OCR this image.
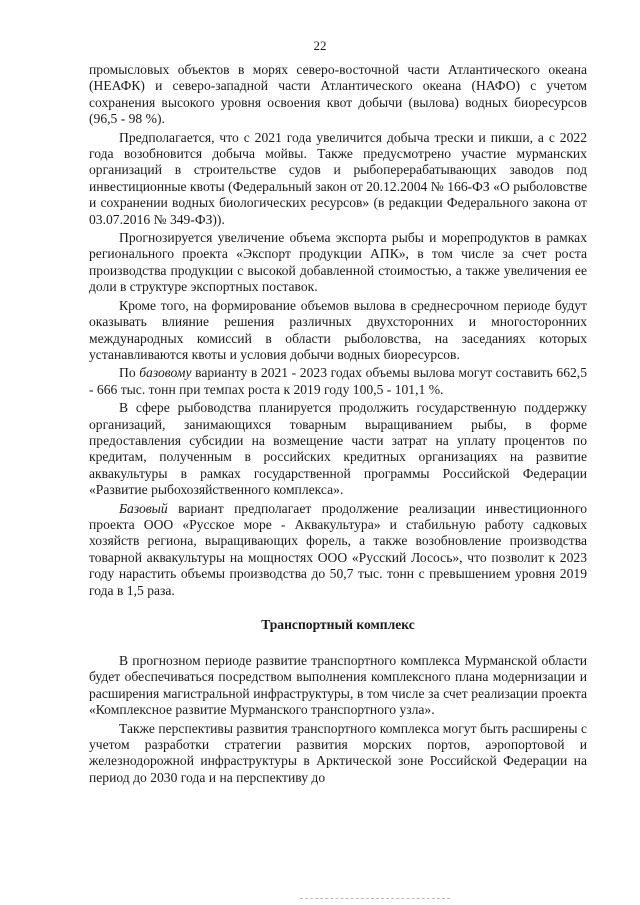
22

промысловых объектов в морях северо-восточной части Атлантического океана (НЕАФК) и северо-западной части Атлантического океана (НАФО) с учетом сохранения высокого уровня освоения квот добычи (вылова) водных биоресурсов (96,5 - 98 %).

Предполагается, что с 2021 года увеличится добыча трески и пикши, а с 2022 года возобновится добыча мойвы. Также предусмотрено участие мурманских организаций в строительстве судов и рыбоперерабатывающих заводов под инвестиционные квоты (Федеральный закон от 20.12.2004 № 166-ФЗ «О рыболовстве и сохранении водных биологических ресурсов» (в редакции Федерального закона от 03.07.2016 № 349-ФЗ)).

Прогнозируется увеличение объема экспорта рыбы и морепродуктов в рамках регионального проекта «Экспорт продукции АПК», в том числе за счет роста производства продукции с высокой добавленной стоимостью, а также увеличения ее доли в структуре экспортных поставок.

Кроме того, на формирование объемов вылова в среднесрочном периоде будут оказывать влияние решения различных двухсторонних и многосторонних международных комиссий в области рыболовства, на заседаниях которых устанавливаются квоты и условия добычи водных биоресурсов.

По базовому варианту в 2021 - 2023 годах объемы вылова могут составить 662,5 - 666 тыс. тонн при темпах роста к 2019 году 100,5 - 101,1 %.

В сфере рыбоводства планируется продолжить государственную поддержку организаций, занимающихся товарным выращиванием рыбы, в форме предоставления субсидии на возмещение части затрат на уплату процентов по кредитам, полученным в российских кредитных организациях на развитие аквакультуры в рамках государственной программы Российской Федерации «Развитие рыбохозяйственного комплекса».

Базовый вариант предполагает продолжение реализации инвестиционного проекта ООО «Русское море - Аквакультура» и стабильную работу садковых хозяйств региона, выращивающих форель, а также возобновление производства товарной аквакультуры на мощностях ООО «Русский Лосось», что позволит к 2023 году нарастить объемы производства до 50,7 тыс. тонн с превышением уровня 2019 года в 1,5 раза.

Транспортный комплекс

В прогнозном периоде развитие транспортного комплекса Мурманской области будет обеспечиваться посредством выполнения комплексного плана модернизации и расширения магистральной инфраструктуры, в том числе за счет реализации проекта «Комплексное развитие Мурманского транспортного узла».

Также перспективы развития транспортного комплекса могут быть расширены с учетом разработки стратегии развития морских портов, аэропортовой и железнодорожной инфраструктуры в Арктической зоне Российской Федерации на период до 2030 года и на перспективу до
